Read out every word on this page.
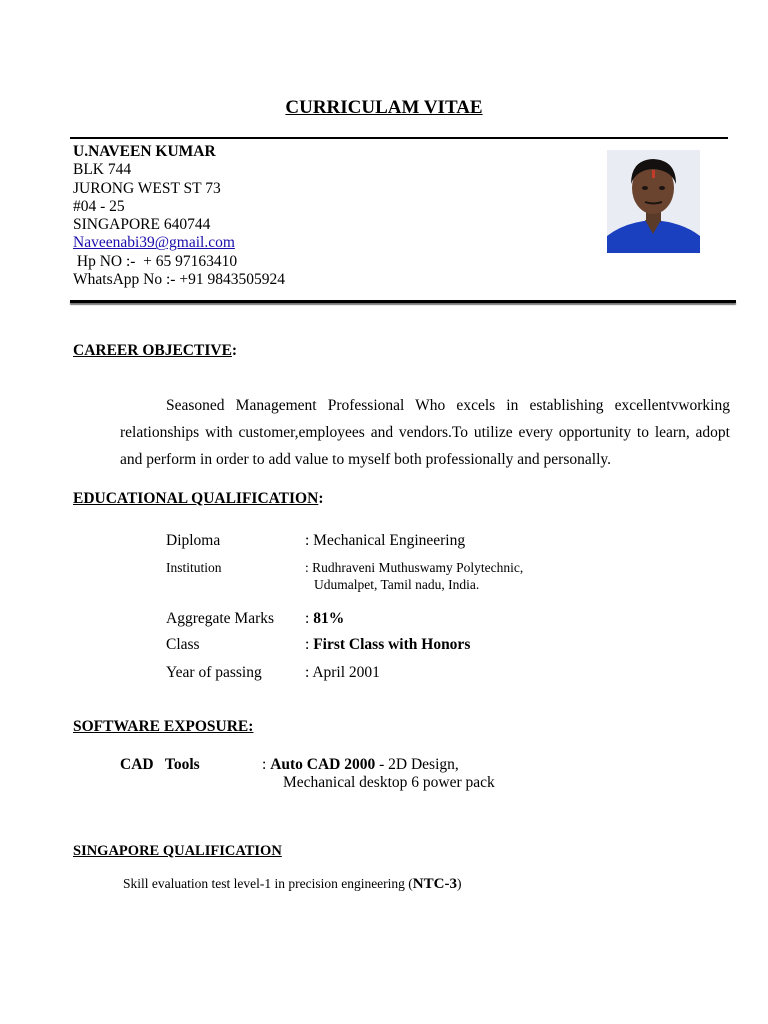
CURRICULAM VITAE
U.NAVEEN KUMAR
BLK 744
JURONG WEST ST 73
#04 - 25
SINGAPORE 640744
Naveenabi39@gmail.com
Hp NO :-  + 65 97163410
WhatsApp No :- +91 9843505924
CAREER OBJECTIVE:
Seasoned Management Professional Who excels in establishing excellentvworking relationships with customer,employees and vendors.To utilize every opportunity to learn, adopt and perform in order to add value to myself both professionally and personally.
EDUCATIONAL QUALIFICATION:
Diploma	: Mechanical Engineering
Institution	: Rudhraveni Muthuswamy Polytechnic,
Udumalpet, Tamil nadu, India.
Aggregate Marks : 81%
Class	: First Class with Honors
Year of passing	: April 2001
SOFTWARE EXPOSURE:
CAD   Tools	: Auto CAD 2000 - 2D Design,
Mechanical desktop 6 power pack
SINGAPORE QUALIFICATION
Skill evaluation test level-1 in precision engineering (NTC-3)
